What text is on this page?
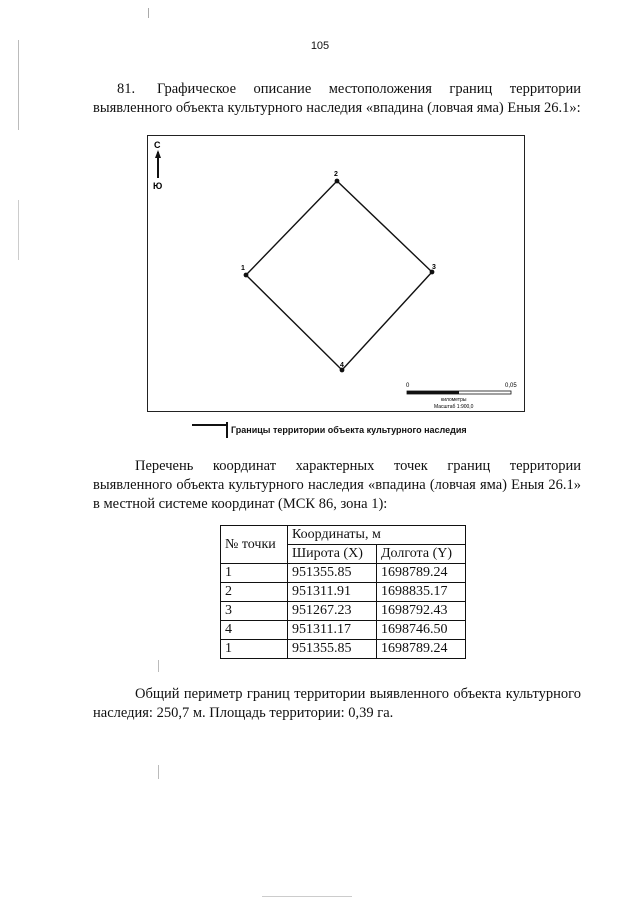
105
81. Графическое описание местоположения границ территории выявленного объекта культурного наследия «впадина (ловчая яма) Еныя 26.1»:
С
Ю
1
2
3
4
0	0,05
километры
Масштаб 1:900,0
Границы территории объекта культурного наследия
Перечень координат характерных точек границ территории выявленного объекта культурного наследия «впадина (ловчая яма) Еныя 26.1» в местной системе координат (МСК 86, зона 1):
№ точки	Координаты, м	
	Широта (X)	Долгота (Y)
1	951355.85	1698789.24
2	951311.91	1698835.17
3	951267.23	1698792.43
4	951311.17	1698746.50
1	951355.85	1698789.24
Общий периметр границ территории выявленного объекта культурного наследия: 250,7 м. Площадь территории: 0,39 га.
